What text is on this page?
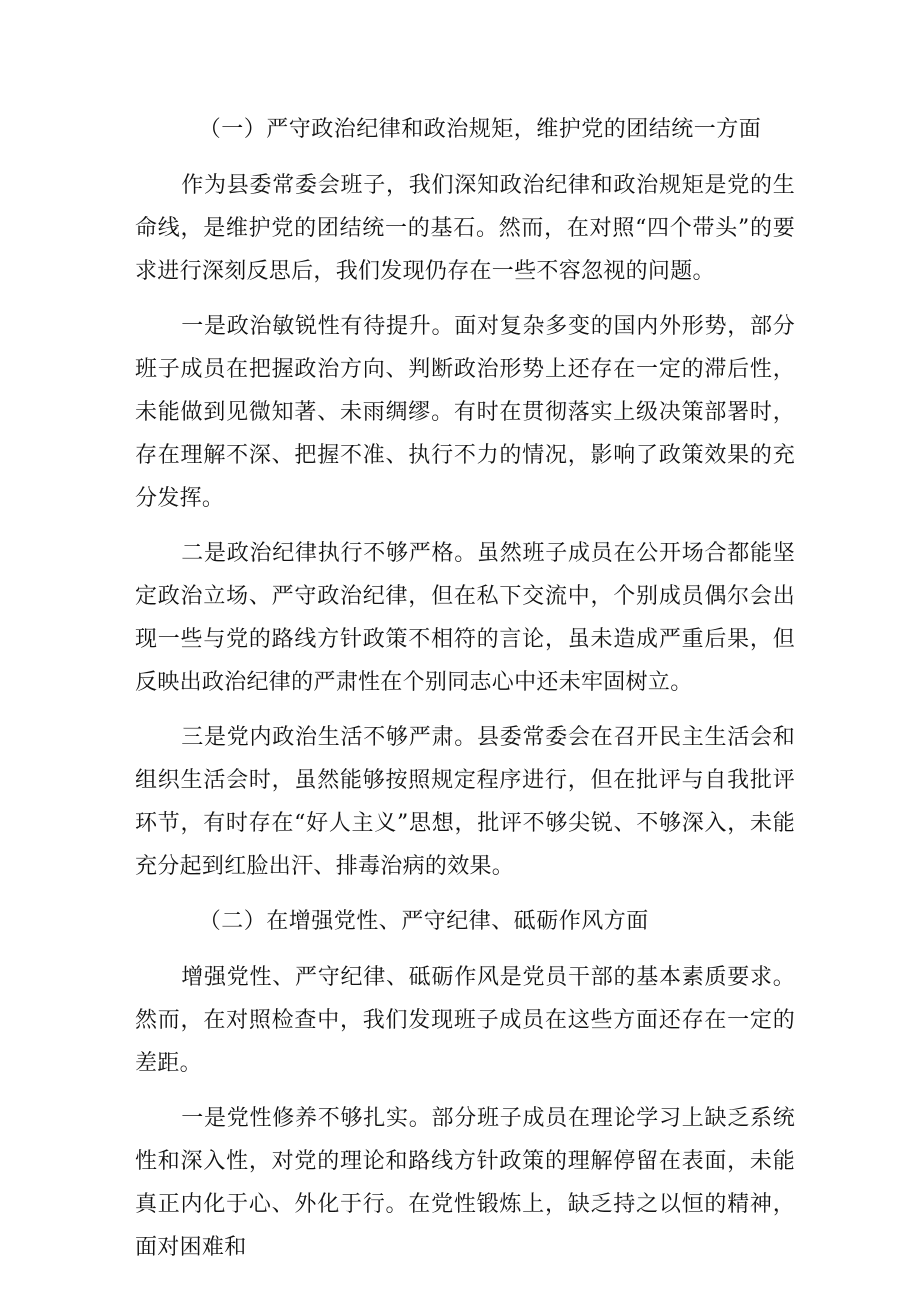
（一）严守政治纪律和政治规矩，维护党的团结统一方面

作为县委常委会班子，我们深知政治纪律和政治规矩是党的生命线，是维护党的团结统一的基石。然而，在对照“四个带头”的要求进行深刻反思后，我们发现仍存在一些不容忽视的问题。

一是政治敏锐性有待提升。面对复杂多变的国内外形势，部分班子成员在把握政治方向、判断政治形势上还存在一定的滞后性，未能做到见微知著、未雨绸缪。有时在贯彻落实上级决策部署时，存在理解不深、把握不准、执行不力的情况，影响了政策效果的充分发挥。

二是政治纪律执行不够严格。虽然班子成员在公开场合都能坚定政治立场、严守政治纪律，但在私下交流中，个别成员偶尔会出现一些与党的路线方针政策不相符的言论，虽未造成严重后果，但反映出政治纪律的严肃性在个别同志心中还未牢固树立。

三是党内政治生活不够严肃。县委常委会在召开民主生活会和组织生活会时，虽然能够按照规定程序进行，但在批评与自我批评环节，有时存在“好人主义”思想，批评不够尖锐、不够深入，未能充分起到红脸出汗、排毒治病的效果。

（二）在增强党性、严守纪律、砥砺作风方面

增强党性、严守纪律、砥砺作风是党员干部的基本素质要求。然而，在对照检查中，我们发现班子成员在这些方面还存在一定的差距。

一是党性修养不够扎实。部分班子成员在理论学习上缺乏系统性和深入性，对党的理论和路线方针政策的理解停留在表面，未能真正内化于心、外化于行。在党性锻炼上，缺乏持之以恒的精神，面对困难和
